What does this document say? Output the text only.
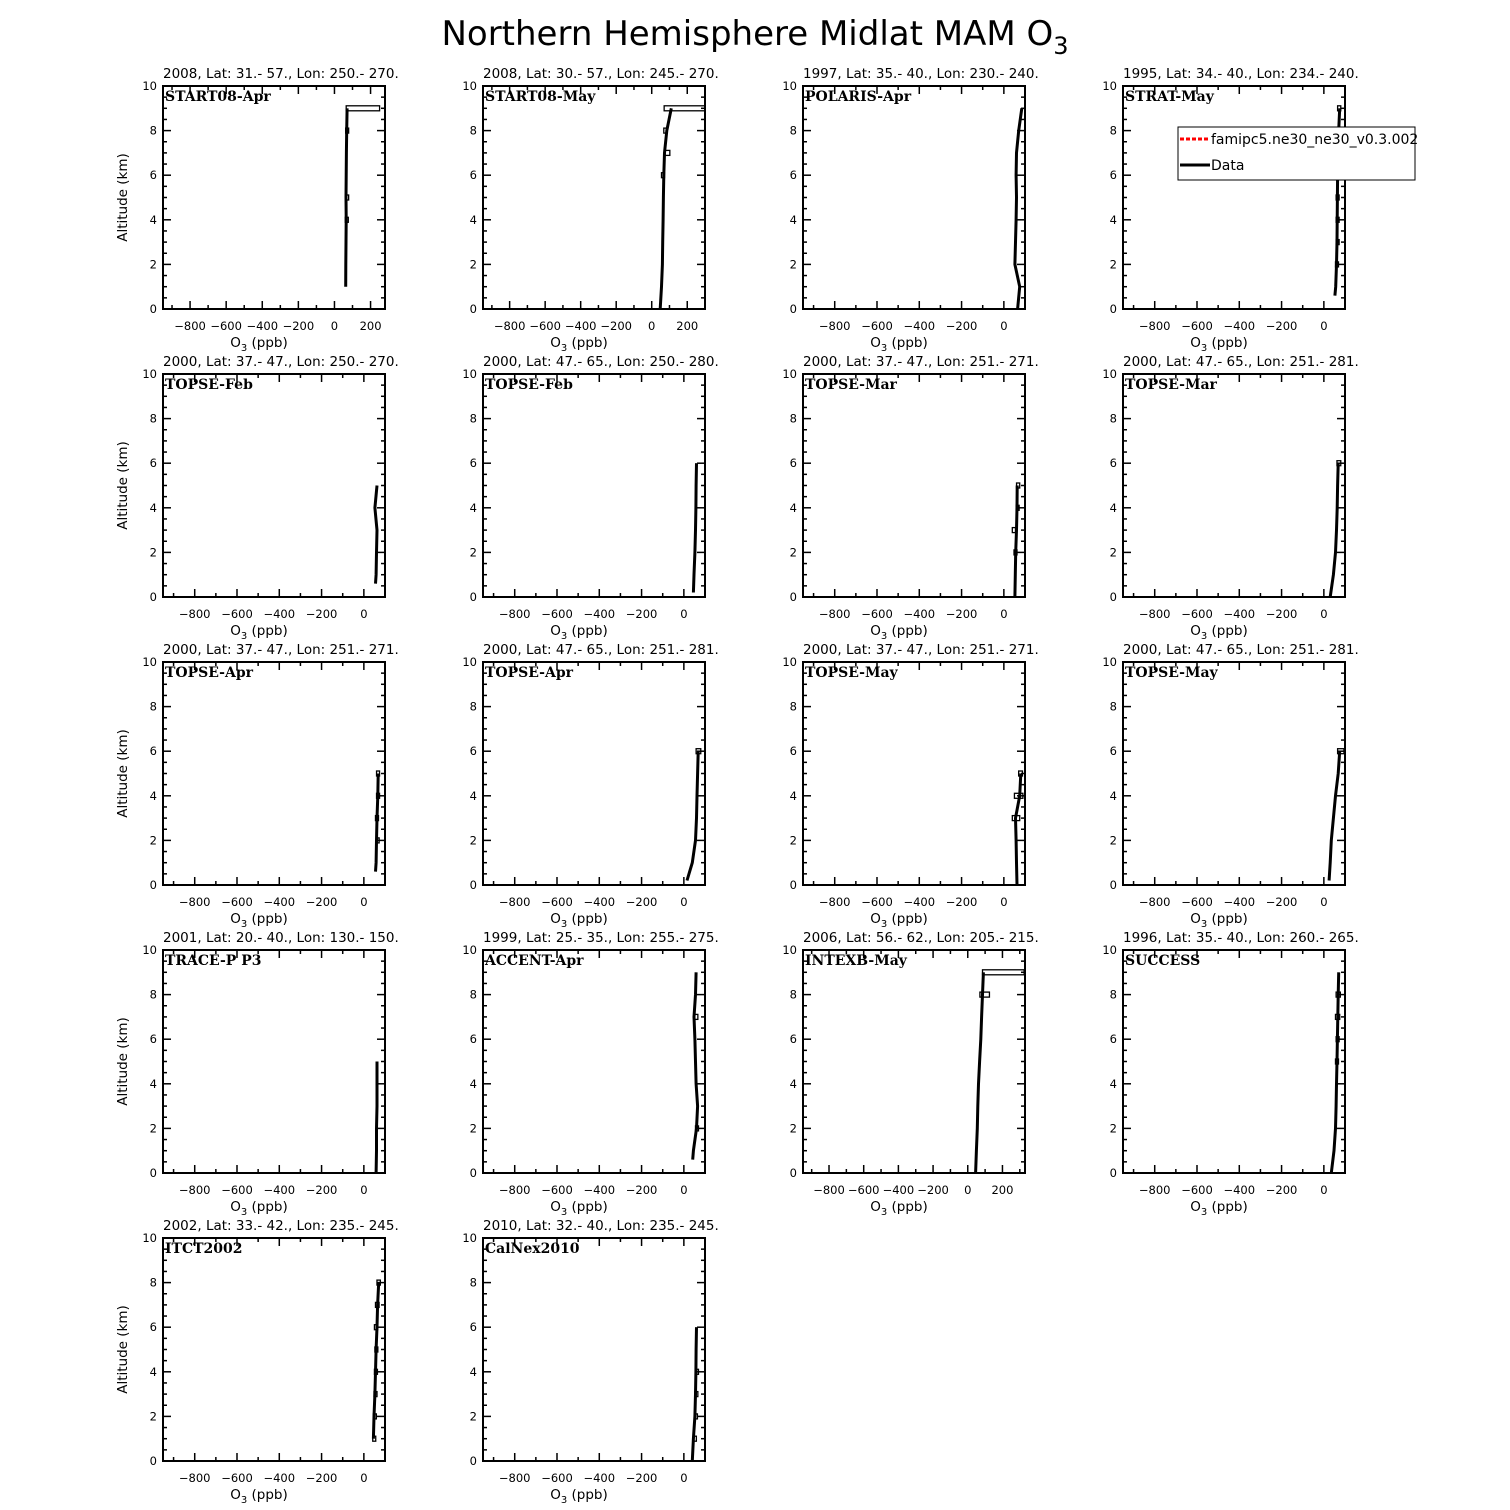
Northern Hemisphere Midlat MAM $O_3$
2008, Lat: 31.- 57., Lon: 250.- 270.
START08-Apr
0
2
4
6
8
10
−800 −600 −400 −200 0 200
$O_3$ (ppb)
Altitude (km)
2008, Lat: 30.- 57., Lon: 245.- 270.
START08-May
0
2
4
6
8
10
−800 −600 −400 −200 0 200
$O_3$ (ppb)
1997, Lat: 35.- 40., Lon: 230.- 240.
POLARIS-Apr
0
2
4
6
8
10
−800 −600 −400 −200 0
$O_3$ (ppb)
1995, Lat: 34.- 40., Lon: 234.- 240.
STRAT-May
0
2
4
6
8
10
−800 −600 −400 −200 0
$O_3$ (ppb)
2000, Lat: 37.- 47., Lon: 250.- 270.
TOPSE-Feb
0
2
4
6
8
10
−800 −600 −400 −200 0
$O_3$ (ppb)
Altitude (km)
2000, Lat: 47.- 65., Lon: 250.- 280.
TOPSE-Feb
0
2
4
6
8
10
−800 −600 −400 −200 0
$O_3$ (ppb)
2000, Lat: 37.- 47., Lon: 251.- 271.
TOPSE-Mar
0
2
4
6
8
10
−800 −600 −400 −200 0
$O_3$ (ppb)
2000, Lat: 47.- 65., Lon: 251.- 281.
TOPSE-Mar
0
2
4
6
8
10
−800 −600 −400 −200 0
$O_3$ (ppb)
2000, Lat: 37.- 47., Lon: 251.- 271.
TOPSE-Apr
0
2
4
6
8
10
−800 −600 −400 −200 0
$O_3$ (ppb)
Altitude (km)
2000, Lat: 47.- 65., Lon: 251.- 281.
TOPSE-Apr
0
2
4
6
8
10
−800 −600 −400 −200 0
$O_3$ (ppb)
2000, Lat: 37.- 47., Lon: 251.- 271.
TOPSE-May
0
2
4
6
8
10
−800 −600 −400 −200 0
$O_3$ (ppb)
2000, Lat: 47.- 65., Lon: 251.- 281.
TOPSE-May
0
2
4
6
8
10
−800 −600 −400 −200 0
$O_3$ (ppb)
2001, Lat: 20.- 40., Lon: 130.- 150.
TRACE-P P3
0
2
4
6
8
10
−800 −600 −400 −200 0
$O_3$ (ppb)
Altitude (km)
1999, Lat: 25.- 35., Lon: 255.- 275.
ACCENT-Apr
0
2
4
6
8
10
−800 −600 −400 −200 0
$O_3$ (ppb)
2006, Lat: 56.- 62., Lon: 205.- 215.
INTEXB-May
0
2
4
6
8
10
−800 −600 −400 −200 0 200
$O_3$ (ppb)
1996, Lat: 35.- 40., Lon: 260.- 265.
SUCCESS
0
2
4
6
8
10
−800 −600 −400 −200 0
$O_3$ (ppb)
2002, Lat: 33.- 42., Lon: 235.- 245.
ITCT2002
0
2
4
6
8
10
−800 −600 −400 −200 0
$O_3$ (ppb)
Altitude (km)
2010, Lat: 32.- 40., Lon: 235.- 245.
CalNex2010
0
2
4
6
8
10
−800 −600 −400 −200 0
$O_3$ (ppb)
famipc5.ne30_ne30_v0.3.002
Data
